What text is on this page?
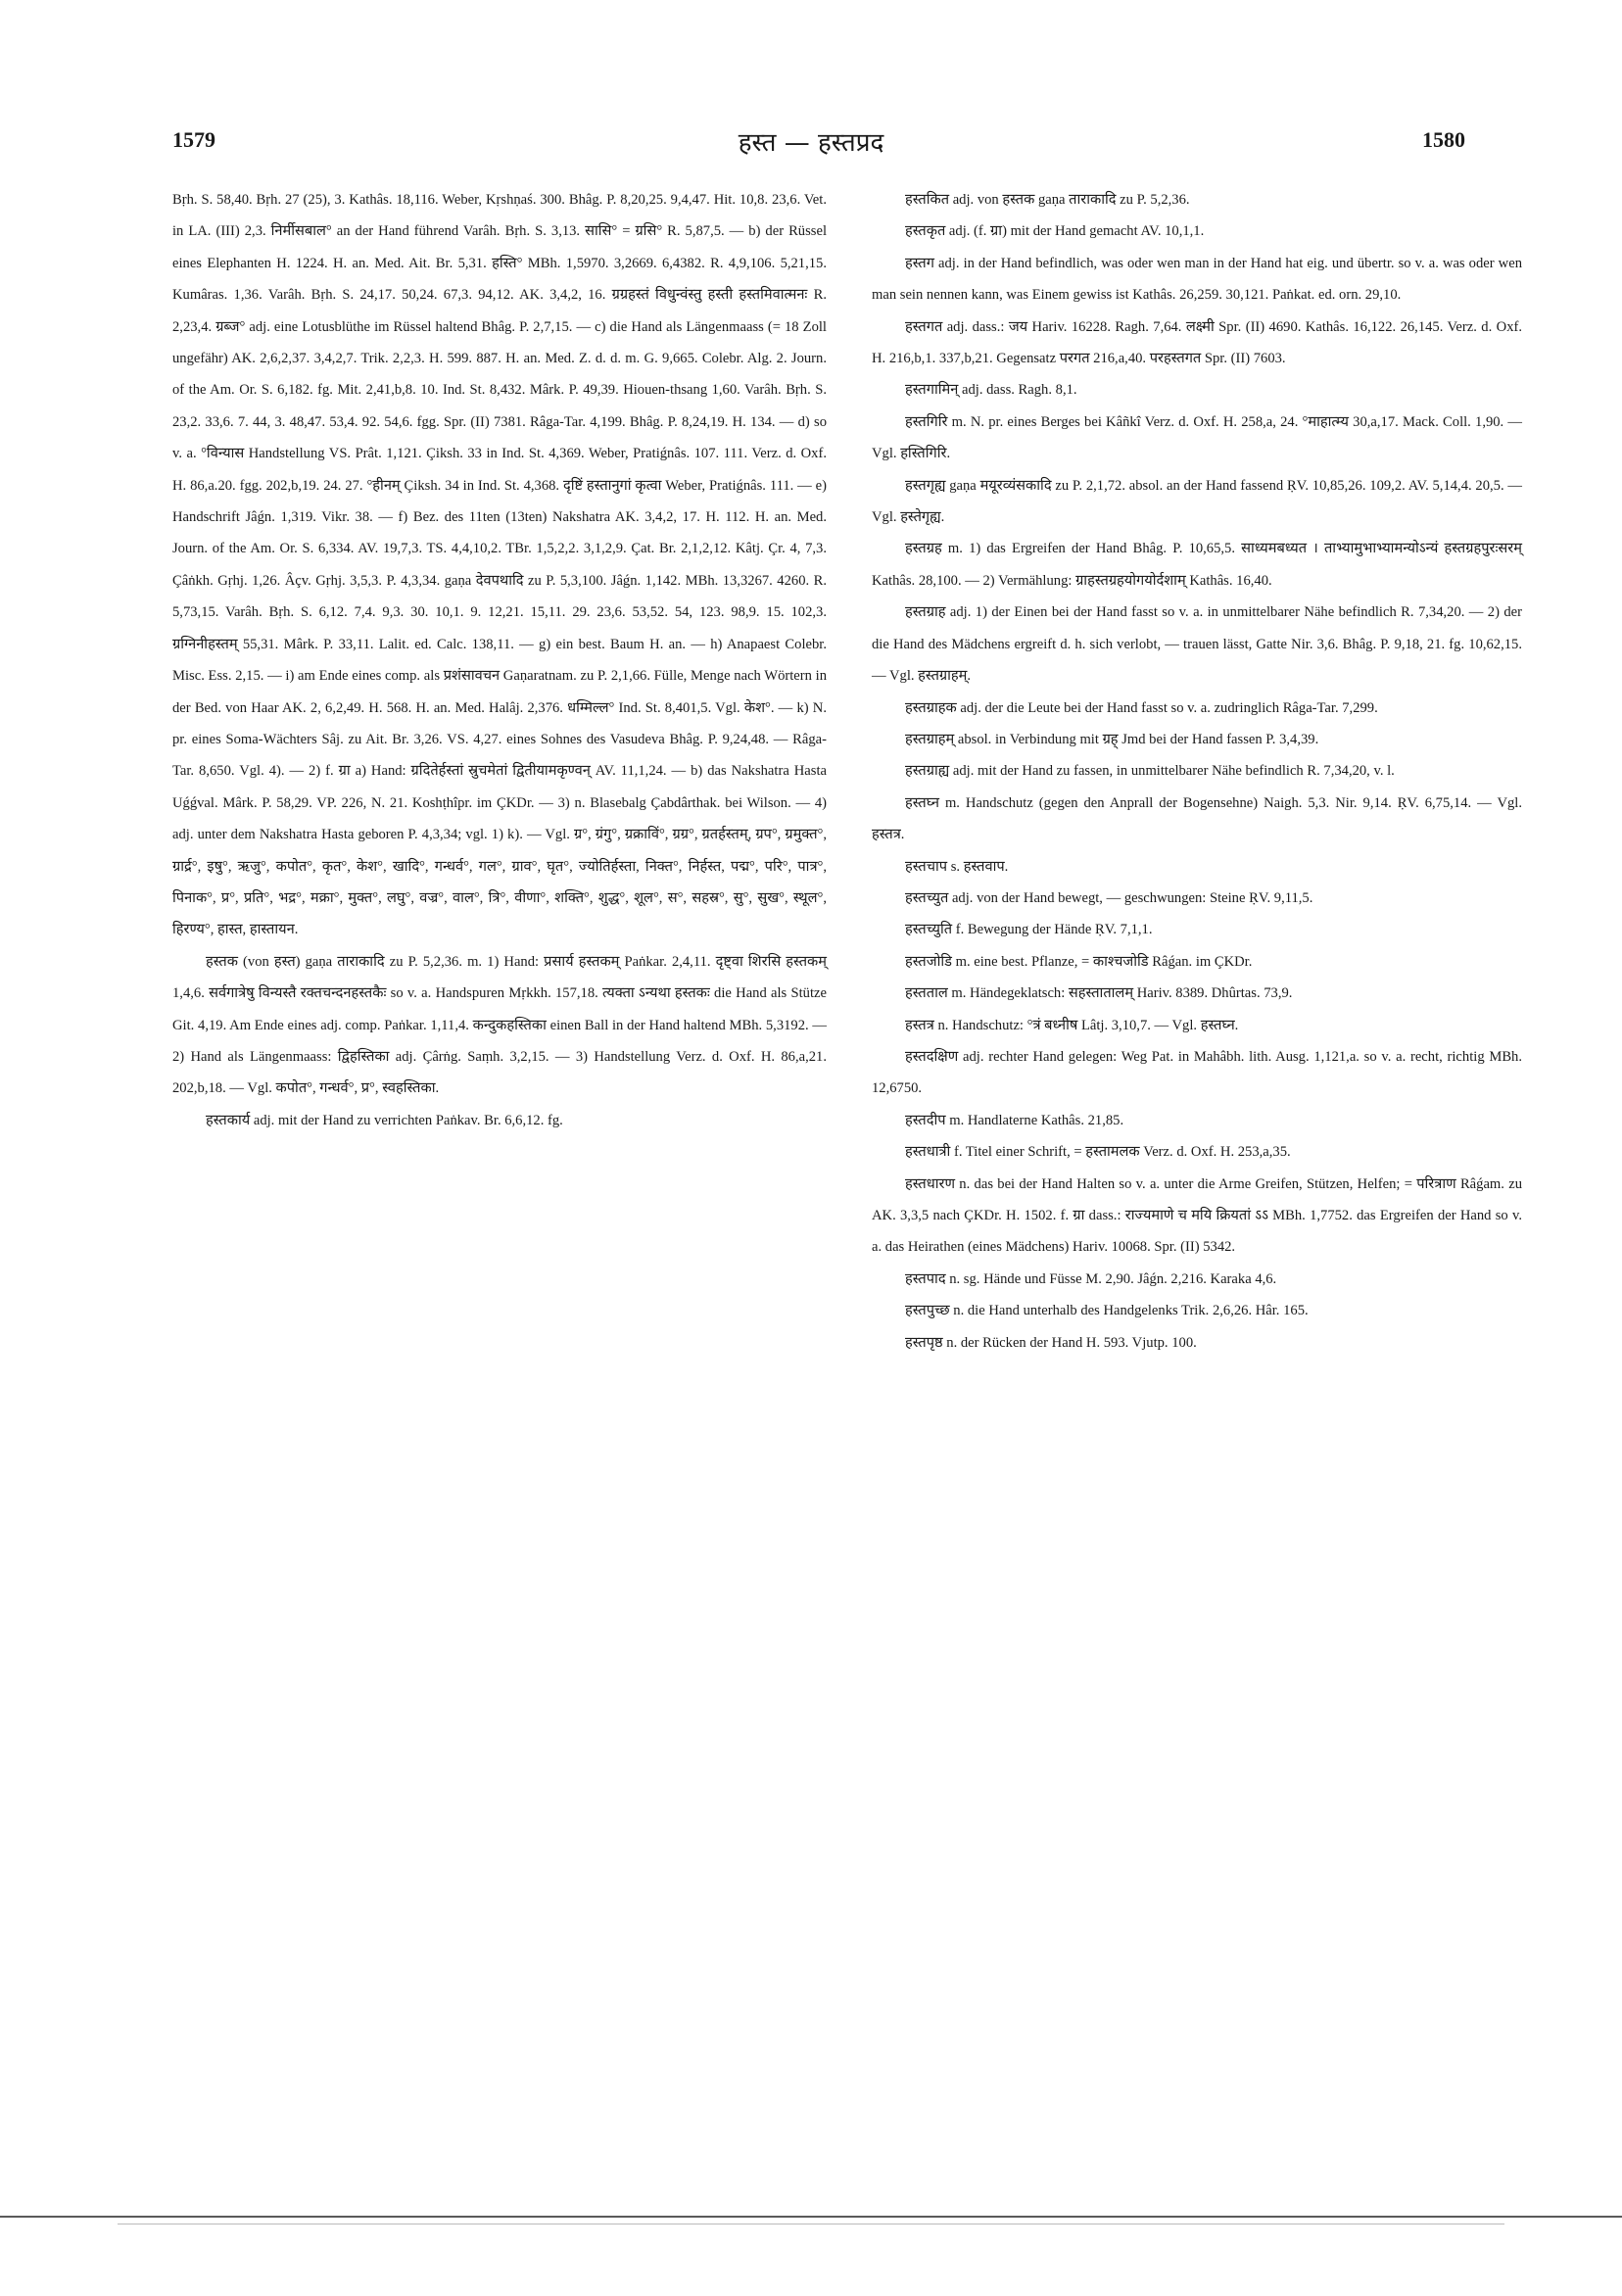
1579	हस्त — हस्तप्रद	1580

Bṛh. S. 58,40. Bṛh. 27 (25), 3. Kathâs. 18,116. Weber, Kṛshṇaś. 300. Bhâg. P. 8,20,25. 9,4,47. Hit. 10,8. 23,6. Vet. in LA. (III) 2,3. निर्मीसबाल° an der Hand führend Varâh. Bṛh. S. 3,13. सासि° = ग्रसि° R. 5,87,5. — b) der Rüssel eines Elephanten H. 1224. H. an. Med. Ait. Br. 5,31. हस्ति° MBh. 1,5970. 3,2669. 6,4382. R. 4,9,106. 5,21,15. Kumâras. 1,36. Varâh. Bṛh. S. 24,17. 50,24. 67,3. 94,12. AK. 3,4,2, 16. ग्रग्रहस्तं विधुन्वंस्तु हस्ती हस्तमिवात्मनः R. 2,23,4. ग्रब्ज° adj. eine Lotusblüthe im Rüssel haltend Bhâg. P. 2,7,15. — c) die Hand als Längenmaass (= 18 Zoll ungefähr) AK. 2,6,2,37. 3,4,2,7. Trik. 2,2,3. H. 599. 887. H. an. Med. Z. d. d. m. G. 9,665. Colebr. Alg. 2. Journ. of the Am. Or. S. 6,182. fg. Mit. 2,41,b,8. 10. Ind. St. 8,432. Mârk. P. 49,39. Hiouen-thsang 1,60. Varâh. Bṛh. S. 23,2. 33,6. 7. 44, 3. 48,47. 53,4. 92. 54,6. fgg. Spr. (II) 7381. Râga-Tar. 4,199. Bhâg. P. 8,24,19. H. 134. — d) so v. a. °विन्यास Handstellung VS. Prât. 1,121. Çiksh. 33 in Ind. St. 4,369. Weber, Pratiǵnâs. 107. 111. Verz. d. Oxf. H. 86,a.20. fgg. 202,b,19. 24. 27. °हीनम् Çiksh. 34 in Ind. St. 4,368. दृष्टिं हस्तानुगां कृत्वा Weber, Pratiǵnâs. 111. — e) Handschrift Jâǵn. 1,319. Vikr. 38. — f) Bez. des 11ten (13ten) Nakshatra AK. 3,4,2, 17. H. 112. H. an. Med. Journ. of the Am. Or. S. 6,334. AV. 19,7,3. TS. 4,4,10,2. TBr. 1,5,2,2. 3,1,2,9. Çat. Br. 2,1,2,12. Kâtj. Çr. 4, 7,3. Çâṅkh. Gṛhj. 1,26. Âçv. Gṛhj. 3,5,3. P. 4,3,34. gaṇa देवपथादि zu P. 5,3,100. Jâǵn. 1,142. MBh. 13,3267. 4260. R. 5,73,15. Varâh. Bṛh. S. 6,12. 7,4. 9,3. 30. 10,1. 9. 12,21. 15,11. 29. 23,6. 53,52. 54, 123. 98,9. 15. 102,3. ग्रग्निनीहस्तम् 55,31. Mârk. P. 33,11. Lalit. ed. Calc. 138,11. — g) ein best. Baum H. an. — h) Anapaest Colebr. Misc. Ess. 2,15. — i) am Ende eines comp. als प्रशंसावचन Gaṇaratnam. zu P. 2,1,66. Fülle, Menge nach Wörtern in der Bed. von Haar AK. 2, 6,2,49. H. 568. H. an. Med. Halâj. 2,376. धम्मिल्ल° Ind. St. 8,401,5. Vgl. केश°. — k) N. pr. eines Soma-Wächters Sâj. zu Ait. Br. 3,26. VS. 4,27. eines Sohnes des Vasudeva Bhâg. P. 9,24,48. — Râga-Tar. 8,650. Vgl. 4). — 2) f. ग्रा a) Hand: ग्रदितेर्हस्तां स्रुचमेतां द्वितीयामकृण्वन् AV. 11,1,24. — b) das Nakshatra Hasta Uǵǵval. Mârk. P. 58,29. VP. 226, N. 21. Koshṭhîpr. im ÇKDr. — 3) n. Blasebalg Çabdârthak. bei Wilson. — 4) adj. unter dem Nakshatra Hasta geboren P. 4,3,34; vgl. 1) k). — Vgl. ग्र°, ग्रंगु°, ग्रक्राविं°, ग्रग्र°, ग्रतर्हस्तम्, ग्रप°, ग्रमुक्त°, ग्रार्द्र°, इषु°, ऋजु°, कपोत°, कृत°, केश°, खादि°, गन्धर्व°, गल°, ग्राव°, घृत°, ज्योतिर्हस्ता, निक्त°, निर्हस्त, पद्म°, परि°, पात्र°, पिनाक°, प्र°, प्रति°, भद्र°, मक्रा°, मुक्त°, लघु°, वज्र°, वाल°, त्रि°, वीणा°, शक्ति°, शुद्ध°, शूल°, स°, सहस्र°, सु°, सुख°, स्थूल°, हिरण्य°, हास्त, हास्तायन.

हस्तक (von हस्त) gaṇa ताराकादि zu P. 5,2,36. m. 1) Hand: प्रसार्य हस्तकम् Paṅkar. 2,4,11. दृष्ट्वा शिरसि हस्तकम् 1,4,6. सर्वगात्रेषु विन्यस्तै रक्तचन्दनहस्तकैः so v. a. Handspuren Mṛkkh. 157,18. त्यक्ता ऽन्यथा हस्तकः die Hand als Stütze Git. 4,19. Am Ende eines adj. comp. Paṅkar. 1,11,4. कन्दुकहस्तिका einen Ball in der Hand haltend MBh. 5,3192. — 2) Hand als Längenmaass: द्विहस्तिका adj. Çârṅg. Saṃh. 3,2,15. — 3) Handstellung Verz. d. Oxf. H. 86,a,21. 202,b,18. — Vgl. कपोत°, गन्धर्व°, प्र°, स्वहस्तिका.

हस्तकार्य adj. mit der Hand zu verrichten Paṅkav. Br. 6,6,12. fg.

हस्तकित adj. von हस्तक gaṇa ताराकादि zu P. 5,2,36.

हस्तकृत adj. (f. ग्रा) mit der Hand gemacht AV. 10,1,1.

हस्तग adj. in der Hand befindlich, was oder wen man in der Hand hat eig. und übertr. so v. a. was oder wen man sein nennen kann, was Einem gewiss ist Kathâs. 26,259. 30,121. Paṅkat. ed. orn. 29,10.

हस्तगत adj. dass.: जय Hariv. 16228. Ragh. 7,64. लक्ष्मी Spr. (II) 4690. Kathâs. 16,122. 26,145. Verz. d. Oxf. H. 216,b,1. 337,b,21. Gegensatz परगत 216,a,40. परहस्तगत Spr. (II) 7603.

हस्तगामिन् adj. dass. Ragh. 8,1.

हस्तगिरि m. N. pr. eines Berges bei Kâñkî Verz. d. Oxf. H. 258,a, 24. °माहात्म्य 30,a,17. Mack. Coll. 1,90. — Vgl. हस्तिगिरि.

हस्तगृह्य gaṇa मयूरव्यंसकादि zu P. 2,1,72. absol. an der Hand fassend ṚV. 10,85,26. 109,2. AV. 5,14,4. 20,5. — Vgl. हस्तेगृह्य.

हस्तग्रह m. 1) das Ergreifen der Hand Bhâg. P. 10,65,5. साध्यमबध्यत । ताभ्यामुभाभ्यामन्योऽन्यं हस्तग्रहपुरःसरम् Kathâs. 28,100. — 2) Vermählung: ग्राहस्तग्रहयोगयोर्दशाम् Kathâs. 16,40.

हस्तग्राह adj. 1) der Einen bei der Hand fasst so v. a. in unmittelbarer Nähe befindlich R. 7,34,20. — 2) der die Hand des Mädchens ergreift d. h. sich verlobt, — trauen lässt, Gatte Nir. 3,6. Bhâg. P. 9,18, 21. fg. 10,62,15. — Vgl. हस्तग्राहम्.

हस्तग्राहक adj. der die Leute bei der Hand fasst so v. a. zudringlich Râga-Tar. 7,299.

हस्तग्राहम् absol. in Verbindung mit ग्रह् Jmd bei der Hand fassen P. 3,4,39.

हस्तग्राह्य adj. mit der Hand zu fassen, in unmittelbarer Nähe befindlich R. 7,34,20, v. l.

हस्तघ्न m. Handschutz (gegen den Anprall der Bogensehne) Naigh. 5,3. Nir. 9,14. ṚV. 6,75,14. — Vgl. हस्तत्र.

हस्तचाप s. हस्तवाप.

हस्तच्युत adj. von der Hand bewegt, — geschwungen: Steine ṚV. 9,11,5.

हस्तच्युति f. Bewegung der Hände ṚV. 7,1,1.

हस्तजोडि m. eine best. Pflanze, = काश्चजोडि Râǵan. im ÇKDr.

हस्तताल m. Händegeklatsch: सहस्तातालम् Hariv. 8389. Dhûrtas. 73,9.

हस्तत्र n. Handschutz: °त्रं बध्नीष Lâtj. 3,10,7. — Vgl. हस्तघ्न.

हस्तदक्षिण adj. rechter Hand gelegen: Weg Pat. in Mahâbh. lith. Ausg. 1,121,a. so v. a. recht, richtig MBh. 12,6750.

हस्तदीप m. Handlaterne Kathâs. 21,85.

हस्तधात्री f. Titel einer Schrift, = हस्तामलक Verz. d. Oxf. H. 253,a,35.

हस्तधारण n. das bei der Hand Halten so v. a. unter die Arme Greifen, Stützen, Helfen; = परित्राण Râǵam. zu AK. 3,3,5 nach ÇKDr. H. 1502. f. ग्रा dass.: राज्यमाणे च मयि क्रियतां ऽऽ MBh. 1,7752. das Ergreifen der Hand so v. a. das Heirathen (eines Mädchens) Hariv. 10068. Spr. (II) 5342.

हस्तपाद n. sg. Hände und Füsse M. 2,90. Jâǵn. 2,216. Karaka 4,6.

हस्तपुच्छ n. die Hand unterhalb des Handgelenks Trik. 2,6,26. Hâr. 165.

हस्तपृष्ठ n. der Rücken der Hand H. 593. Vjutp. 100.
